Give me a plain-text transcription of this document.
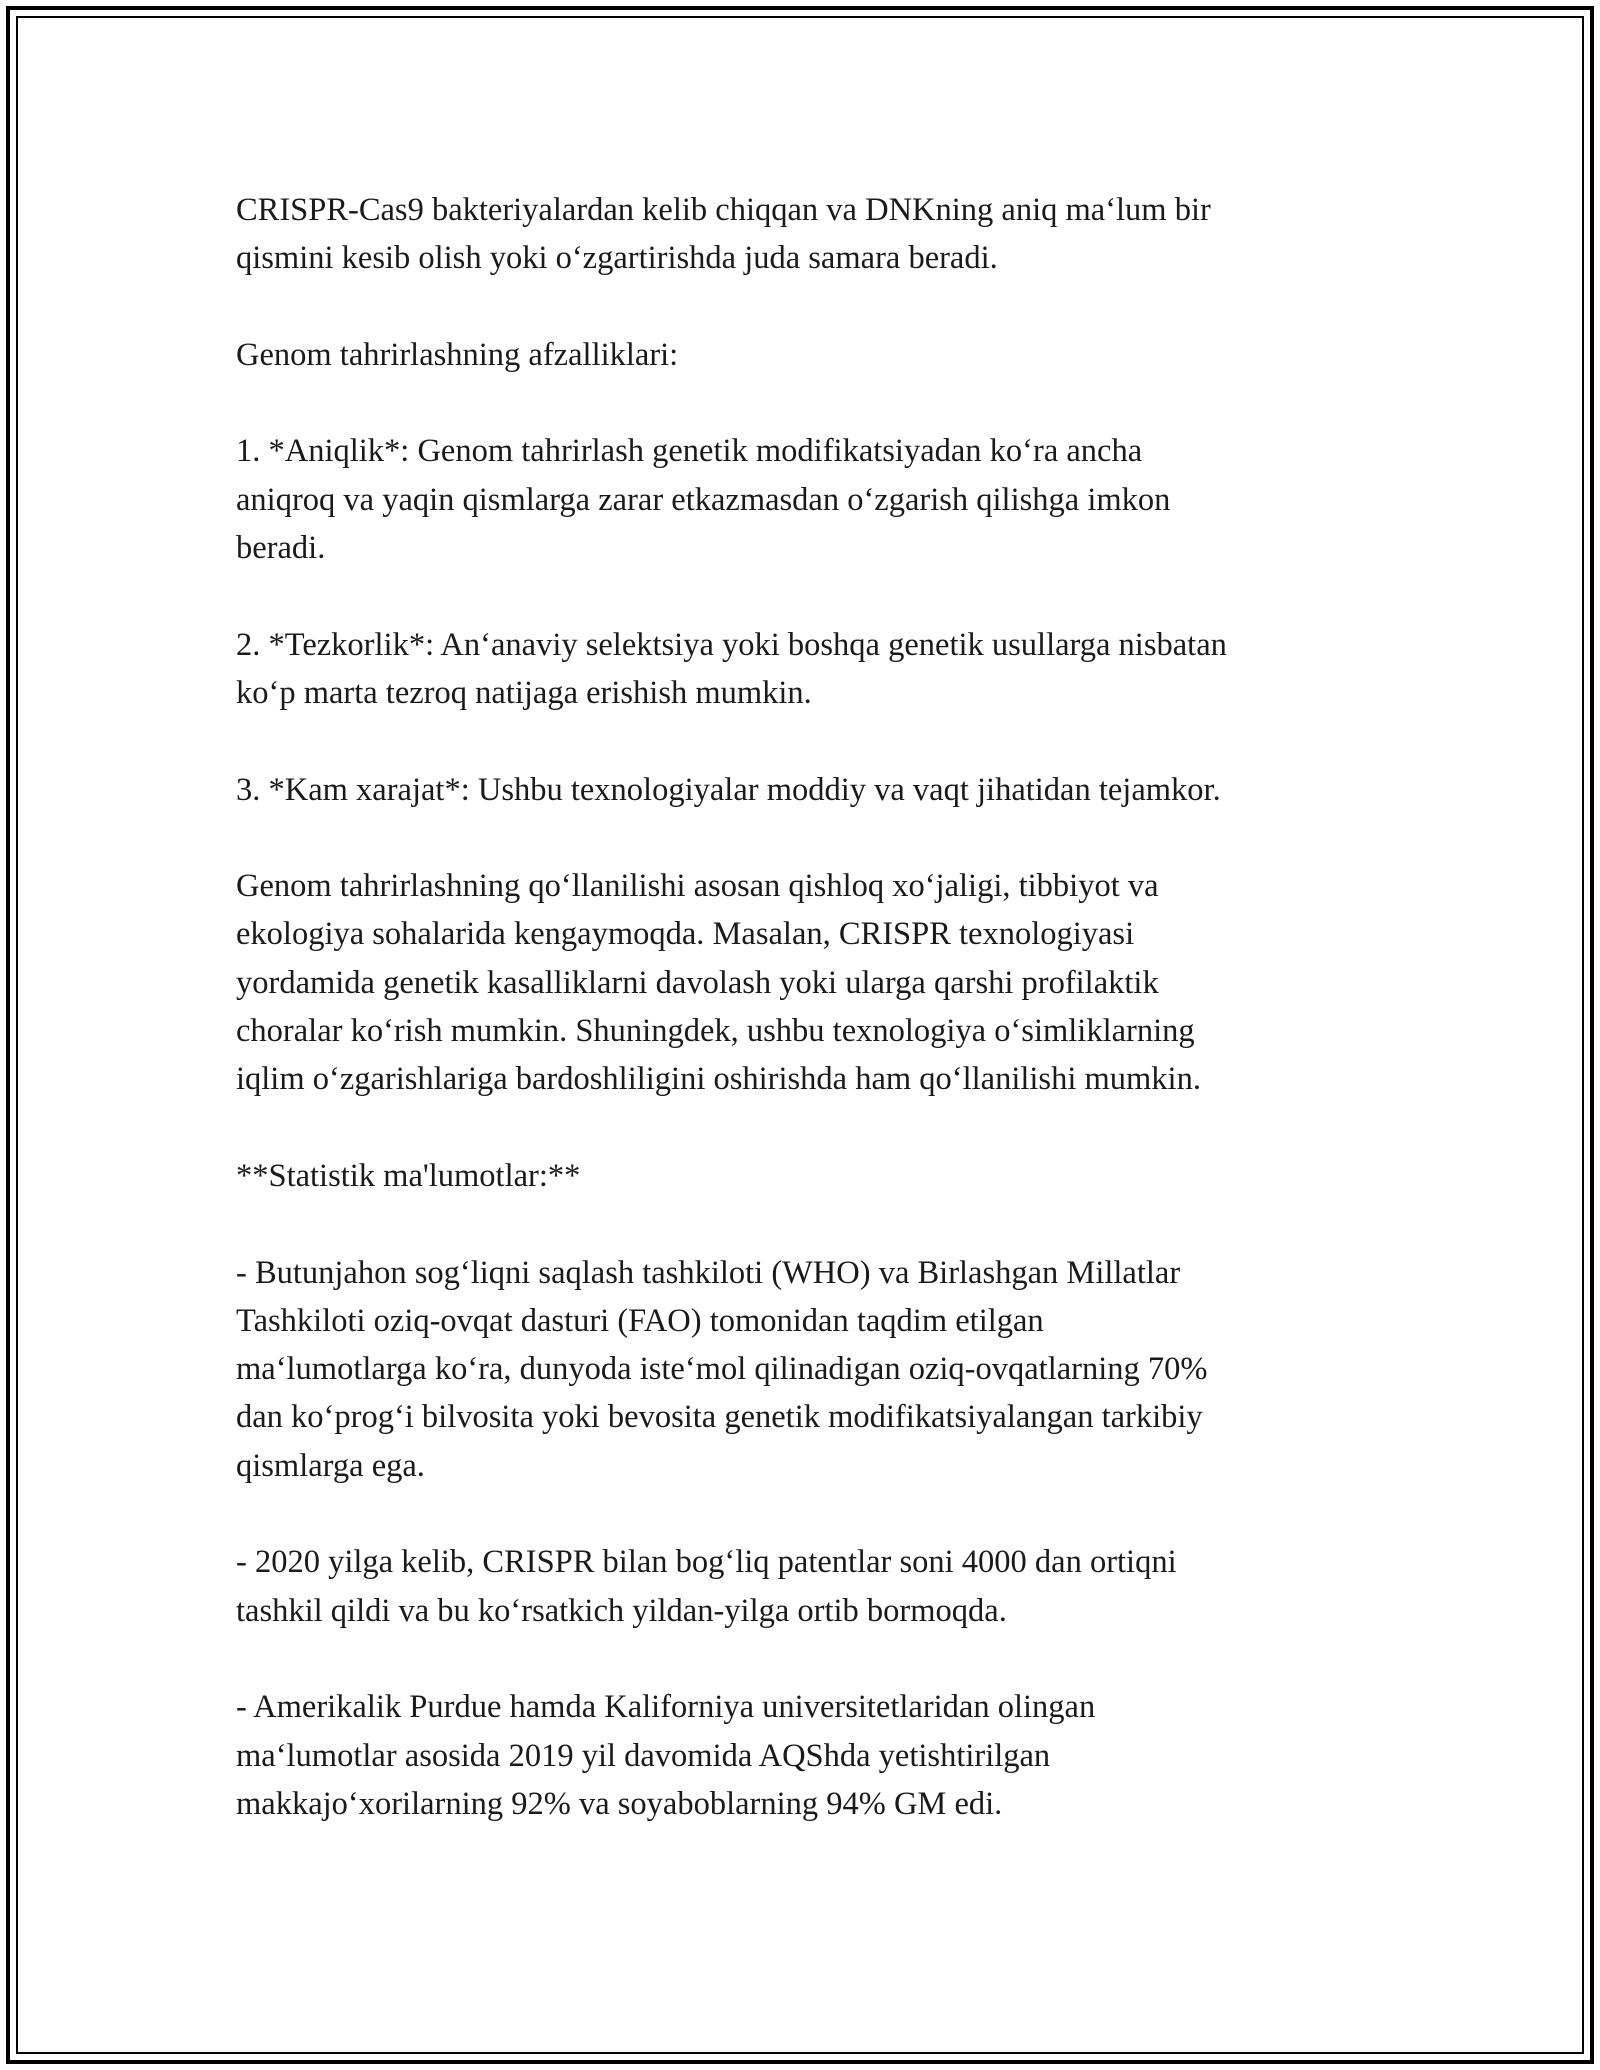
CRISPR-Cas9 bakteriyalardan kelib chiqqan va DNKning aniq maʻlum bir
qismini kesib olish yoki oʻzgartirishda juda samara beradi.

Genom tahrirlashning afzalliklari:

1. *Aniqlik*: Genom tahrirlash genetik modifikatsiyadan koʻra ancha
aniqroq va yaqin qismlarga zarar etkazmasdan oʻzgarish qilishga imkon
beradi.

2. *Tezkorlik*: Anʻanaviy selektsiya yoki boshqa genetik usullarga nisbatan
koʻp marta tezroq natijaga erishish mumkin.

3. *Kam xarajat*: Ushbu texnologiyalar moddiy va vaqt jihatidan tejamkor.

Genom tahrirlashning qoʻllanilishi asosan qishloq xoʻjaligi, tibbiyot va
ekologiya sohalarida kengaymoqda. Masalan, CRISPR texnologiyasi
yordamida genetik kasalliklarni davolash yoki ularga qarshi profilaktik
choralar koʻrish mumkin. Shuningdek, ushbu texnologiya oʻsimliklarning
iqlim oʻzgarishlariga bardoshliligini oshirishda ham qoʻllanilishi mumkin.

**Statistik ma'lumotlar:**

- Butunjahon sogʻliqni saqlash tashkiloti (WHO) va Birlashgan Millatlar
Tashkiloti oziq-ovqat dasturi (FAO) tomonidan taqdim etilgan
maʻlumotlarga koʻra, dunyoda isteʻmol qilinadigan oziq-ovqatlarning 70%
dan koʻprogʻi bilvosita yoki bevosita genetik modifikatsiyalangan tarkibiy
qismlarga ega.

- 2020 yilga kelib, CRISPR bilan bogʻliq patentlar soni 4000 dan ortiqni
tashkil qildi va bu koʻrsatkich yildan-yilga ortib bormoqda.

- Amerikalik Purdue hamda Kaliforniya universitetlaridan olingan
maʻlumotlar asosida 2019 yil davomida AQShda yetishtirilgan
makkajoʻxorilarning 92% va soyaboblarning 94% GM edi.
